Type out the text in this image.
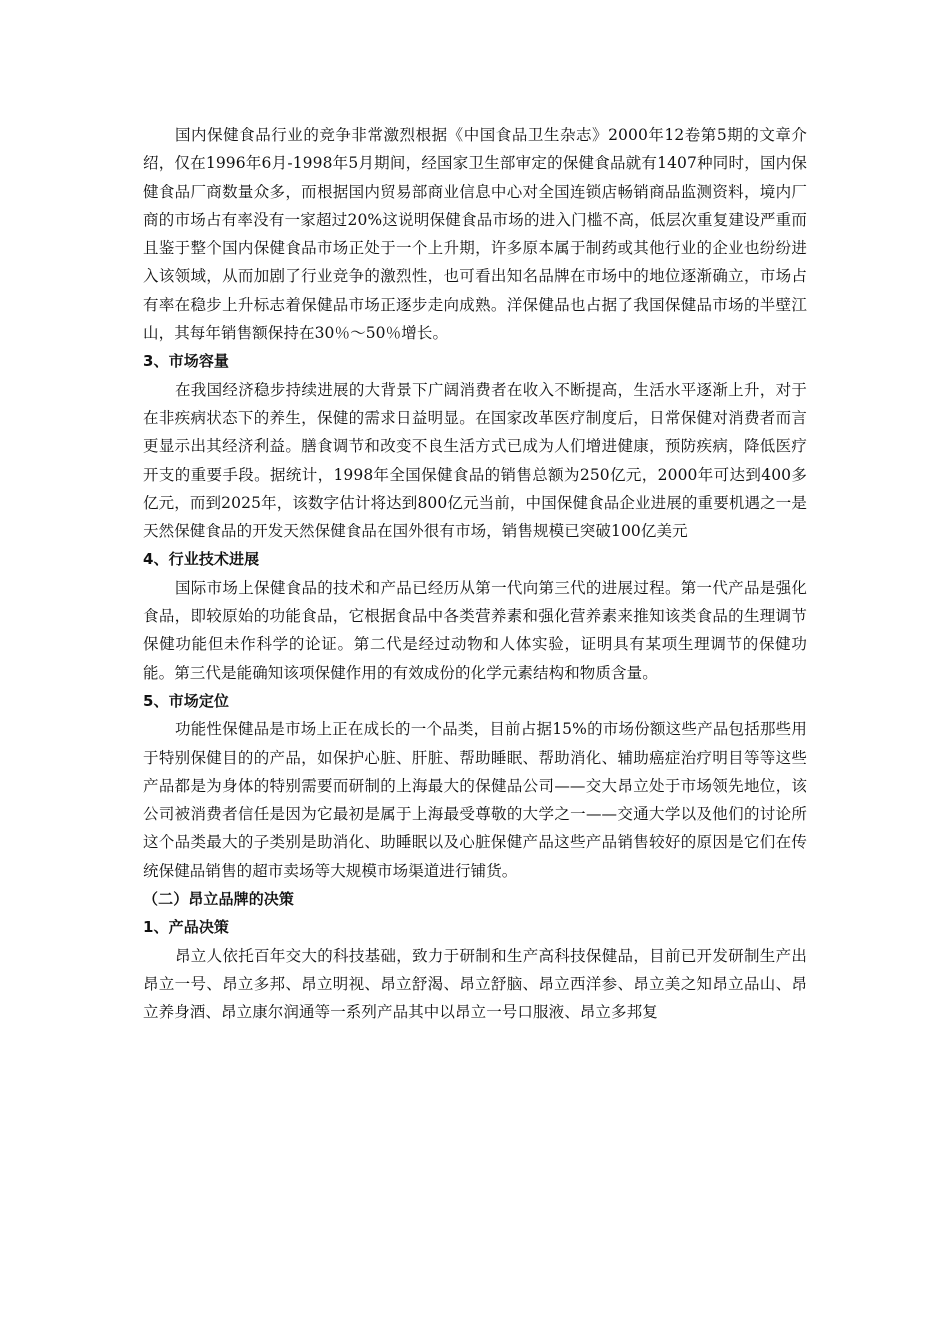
国内保健食品行业的竞争非常激烈根据《中国食品卫生杂志》2000年12卷第5期的文章介绍，仅在1996年6月-1998年5月期间，经国家卫生部审定的保健食品就有1407种同时，国内保健食品厂商数量众多，而根据国内贸易部商业信息中心对全国连锁店畅销商品监测资料，境内厂商的市场占有率没有一家超过20%这说明保健食品市场的进入门槛不高，低层次重复建设严重而且鉴于整个国内保健食品市场正处于一个上升期，许多原本属于制药或其他行业的企业也纷纷进入该领域，从而加剧了行业竞争的激烈性，也可看出知名品牌在市场中的地位逐渐确立，市场占有率在稳步上升标志着保健品市场正逐步走向成熟。洋保健品也占据了我国保健品市场的半壁江山，其每年销售额保持在30％～50％增长。

3、市场容量

在我国经济稳步持续进展的大背景下广阔消费者在收入不断提高，生活水平逐渐上升，对于在非疾病状态下的养生，保健的需求日益明显。在国家改革医疗制度后，日常保健对消费者而言更显示出其经济利益。膳食调节和改变不良生活方式已成为人们增进健康，预防疾病，降低医疗开支的重要手段。据统计，1998年全国保健食品的销售总额为250亿元，2000年可达到400多亿元，而到2025年，该数字估计将达到800亿元当前，中国保健食品企业进展的重要机遇之一是天然保健食品的开发天然保健食品在国外很有市场，销售规模已突破100亿美元

4、行业技术进展

国际市场上保健食品的技术和产品已经历从第一代向第三代的进展过程。第一代产品是强化食品，即较原始的功能食品，它根据食品中各类营养素和强化营养素来推知该类食品的生理调节保健功能但未作科学的论证。第二代是经过动物和人体实验，证明具有某项生理调节的保健功能。第三代是能确知该项保健作用的有效成份的化学元素结构和物质含量。

5、市场定位

功能性保健品是市场上正在成长的一个品类，目前占据15%的市场份额这些产品包括那些用于特别保健目的的产品，如保护心脏、肝脏、帮助睡眠、帮助消化、辅助癌症治疗明目等等这些产品都是为身体的特别需要而研制的上海最大的保健品公司——交大昂立处于市场领先地位，该公司被消费者信任是因为它最初是属于上海最受尊敬的大学之一——交通大学以及他们的讨论所这个品类最大的子类别是助消化、助睡眠以及心脏保健产品这些产品销售较好的原因是它们在传统保健品销售的超市卖场等大规模市场渠道进行铺货。

（二）昂立品牌的决策

1、产品决策

昂立人依托百年交大的科技基础，致力于研制和生产高科技保健品，目前已开发研制生产出昂立一号、昂立多邦、昂立明视、昂立舒渴、昂立舒脑、昂立西洋参、昂立美之知昂立品山、昂立养身酒、昂立康尔润通等一系列产品其中以昂立一号口服液、昂立多邦复
